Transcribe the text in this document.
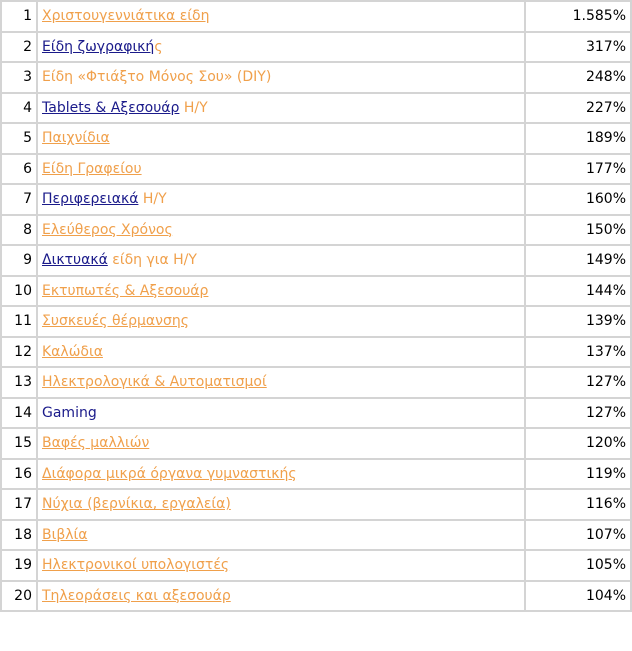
1	Χριστουγεννιάτικα είδη	1.585%
2	Είδη ζωγραφικής	317%
3	Είδη «Φτιάξτο Μόνος Σου» (DIY)	248%
4	Tablets & Αξεσουάρ Η/Υ	227%
5	Παιχνίδια	189%
6	Είδη Γραφείου	177%
7	Περιφερειακά Η/Υ	160%
8	Ελεύθερος Χρόνος	150%
9	Δικτυακά είδη για Η/Υ	149%
10	Εκτυπωτές & Αξεσουάρ	144%
11	Συσκευές θέρμανσης	139%
12	Καλώδια	137%
13	Ηλεκτρολογικά & Αυτοματισμοί	127%
14	Gaming	127%
15	Βαφές μαλλιών	120%
16	Διάφορα μικρά όργανα γυμναστικής	119%
17	Νύχια (βερνίκια, εργαλεία)	116%
18	Βιβλία	107%
19	Ηλεκτρονικοί υπολογιστές	105%
20	Τηλεοράσεις και αξεσουάρ	104%
